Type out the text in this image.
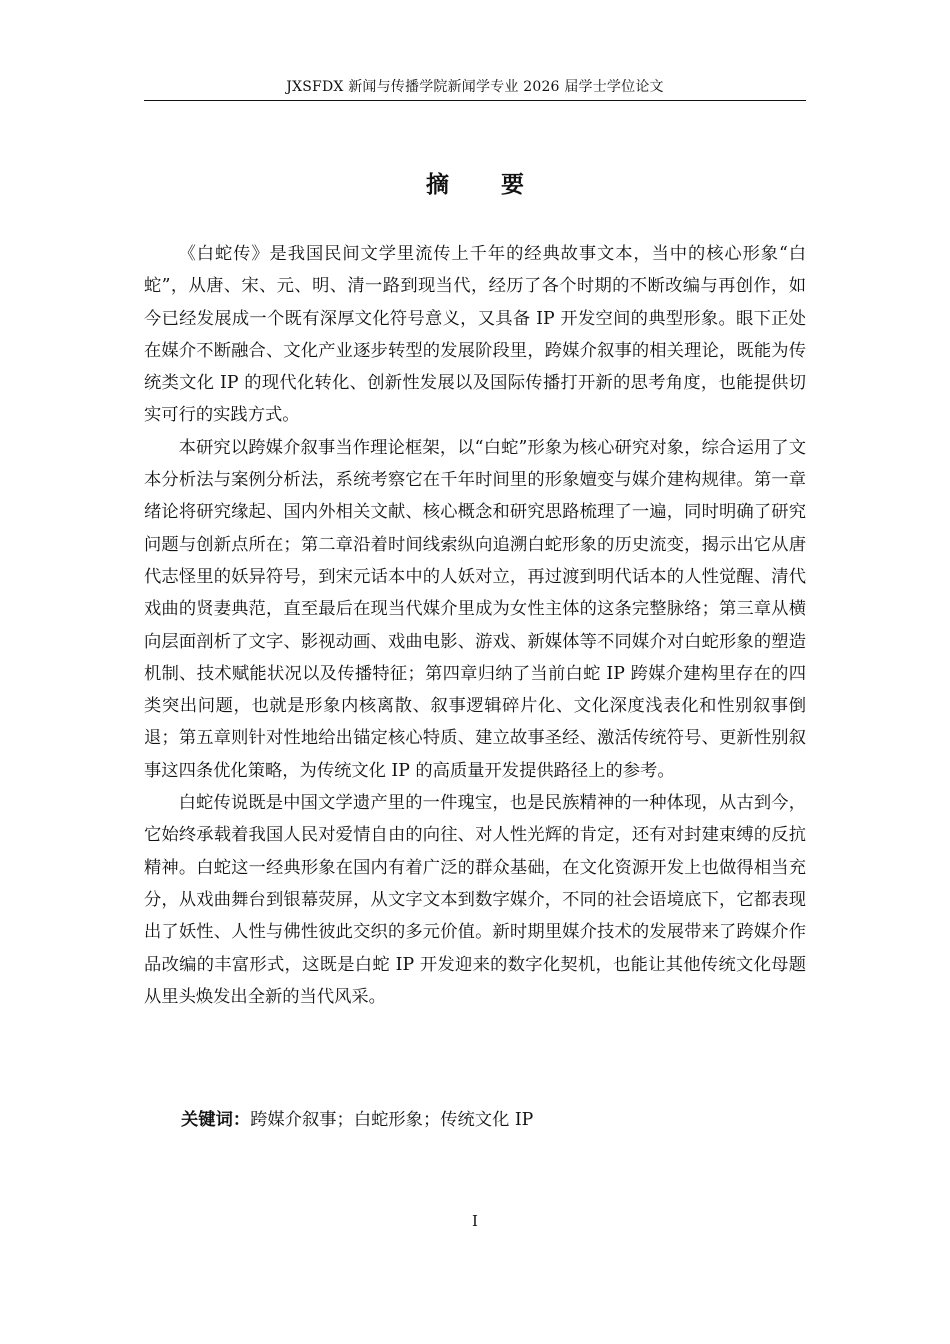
JXSFDX 新闻与传播学院新闻学专业 2026 届学士学位论文
摘 要

《白蛇传》是我国民间文学里流传上千年的经典故事文本，当中的核心形象“白蛇”，从唐、宋、元、明、清一路到现当代，经历了各个时期的不断改编与再创作，如今已经发展成一个既有深厚文化符号意义，又具备 IP 开发空间的典型形象。眼下正处在媒介不断融合、文化产业逐步转型的发展阶段里，跨媒介叙事的相关理论，既能为传统类文化 IP 的现代化转化、创新性发展以及国际传播打开新的思考角度，也能提供切实可行的实践方式。

本研究以跨媒介叙事当作理论框架，以“白蛇”形象为核心研究对象，综合运用了文本分析法与案例分析法，系统考察它在千年时间里的形象嬗变与媒介建构规律。第一章绪论将研究缘起、国内外相关文献、核心概念和研究思路梳理了一遍，同时明确了研究问题与创新点所在；第二章沿着时间线索纵向追溯白蛇形象的历史流变，揭示出它从唐代志怪里的妖异符号，到宋元话本中的人妖对立，再过渡到明代话本的人性觉醒、清代戏曲的贤妻典范，直至最后在现当代媒介里成为女性主体的这条完整脉络；第三章从横向层面剖析了文字、影视动画、戏曲电影、游戏、新媒体等不同媒介对白蛇形象的塑造机制、技术赋能状况以及传播特征；第四章归纳了当前白蛇 IP 跨媒介建构里存在的四类突出问题，也就是形象内核离散、叙事逻辑碎片化、文化深度浅表化和性别叙事倒退；第五章则针对性地给出锚定核心特质、建立故事圣经、激活传统符号、更新性别叙事这四条优化策略，为传统文化 IP 的高质量开发提供路径上的参考。

白蛇传说既是中国文学遗产里的一件瑰宝，也是民族精神的一种体现，从古到今，它始终承载着我国人民对爱情自由的向往、对人性光辉的肯定，还有对封建束缚的反抗精神。白蛇这一经典形象在国内有着广泛的群众基础，在文化资源开发上也做得相当充分，从戏曲舞台到银幕荧屏，从文字文本到数字媒介，不同的社会语境底下，它都表现出了妖性、人性与佛性彼此交织的多元价值。新时期里媒介技术的发展带来了跨媒介作品改编的丰富形式，这既是白蛇 IP 开发迎来的数字化契机，也能让其他传统文化母题从里头焕发出全新的当代风采。

关键词：跨媒介叙事；白蛇形象；传统文化 IP
I
